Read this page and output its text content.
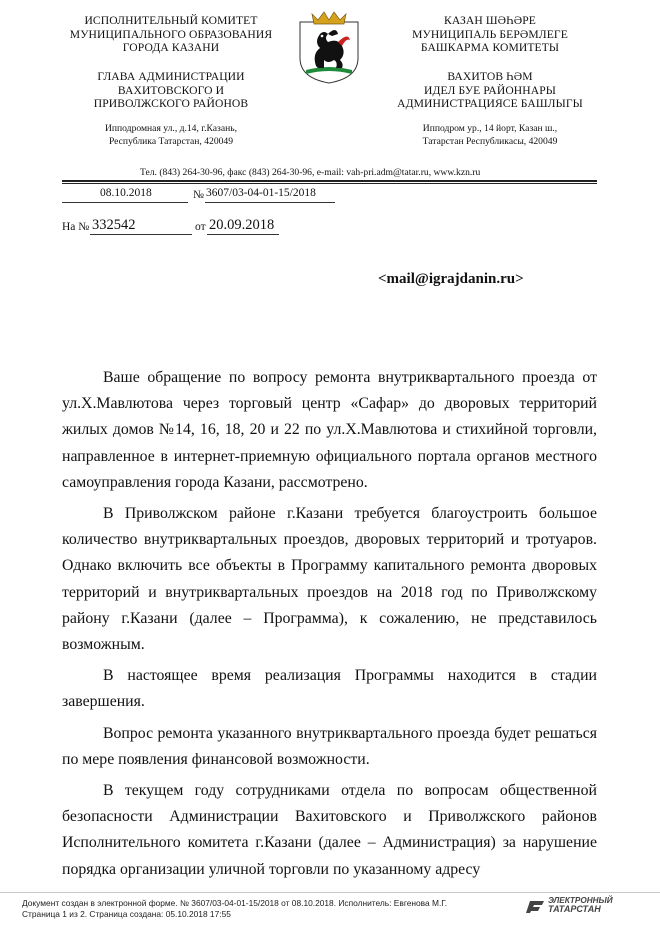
ИСПОЛНИТЕЛЬНЫЙ КОМИТЕТ
МУНИЦИПАЛЬНОГО ОБРАЗОВАНИЯ
ГОРОДА КАЗАНИ
ГЛАВА АДМИНИСТРАЦИИ
ВАХИТОВСКОГО И
ПРИВОЛЖСКОГО РАЙОНОВ
Ипподромная ул., д.14, г.Казань,
Республика Татарстан, 420049
КАЗАН ШӘҺӘРЕ
МУНИЦИПАЛЬ БЕРӘМЛЕГЕ
БАШКАРМА КОМИТЕТЫ
ВАХИТОВ ҺӘМ
ИДЕЛ БУЕ РАЙОННАРЫ
АДМИНИСТРАЦИЯСЕ БАШЛЫГЫ
Ипподром ур., 14 йорт, Казан ш.,
Татарстан Республикасы, 420049
Тел. (843) 264-30-96, факс (843) 264-30-96, e-mail: vah-pri.adm@tatar.ru, www.kzn.ru
08.10.2018	№ 3607/03-04-01-15/2018
На № 332542	от 20.09.2018
<mail@igrajdanin.ru>

Ваше обращение по вопросу ремонта внутриквартального проезда от ул.Х.Мавлютова через торговый центр «Сафар» до дворовых территорий жилых домов №14, 16, 18, 20 и 22 по ул.Х.Мавлютова и стихийной торговли, направленное в интернет-приемную официального портала органов местного самоуправления города Казани, рассмотрено.

В Приволжском районе г.Казани требуется благоустроить большое количество внутриквартальных проездов, дворовых территорий и тротуаров. Однако включить все объекты в Программу капитального ремонта дворовых территорий и внутриквартальных проездов на 2018 год по Приволжскому району г.Казани (далее – Программа), к сожалению, не представилось возможным.

В настоящее время реализация Программы находится в стадии завершения.

Вопрос ремонта указанного внутриквартального проезда будет решаться по мере появления финансовой возможности.

В текущем году сотрудниками отдела по вопросам общественной безопасности Администрации Вахитовского и Приволжского районов Исполнительного комитета г.Казани (далее – Администрация) за нарушение порядка организации уличной торговли по указанному адресу

Документ создан в электронной форме. № 3607/03-04-01-15/2018 от 08.10.2018. Исполнитель: Евгенова М.Г.
Страница 1 из 2. Страница создана: 05.10.2018 17:55
ЭЛЕКТРОННЫЙ
ТАТАРСТАН
